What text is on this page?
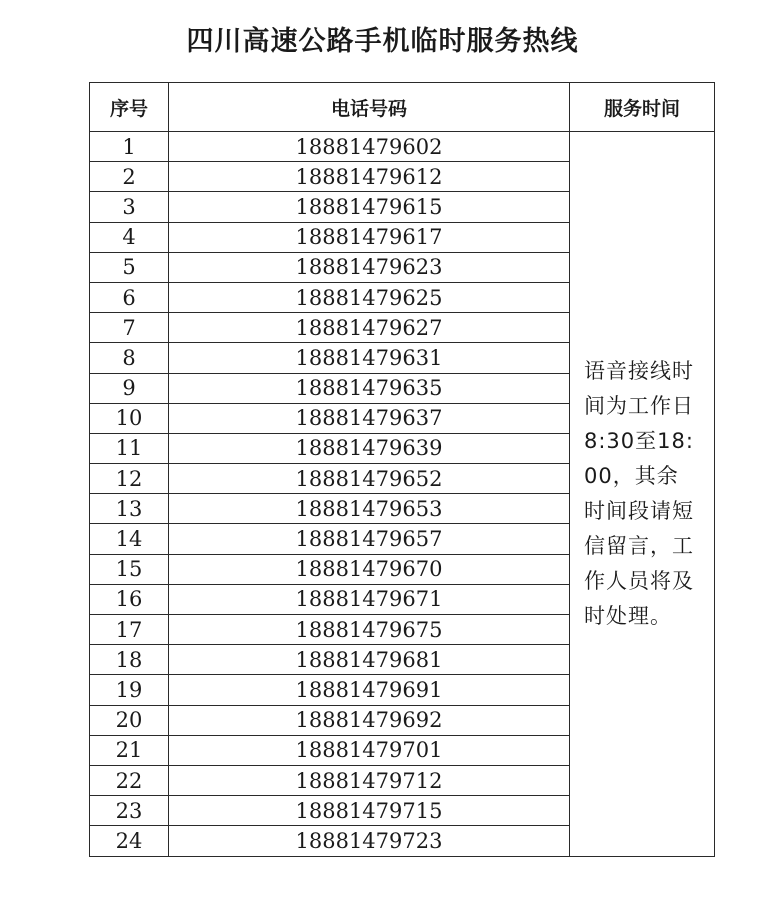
四川高速公路手机临时服务热线
序号	电话号码	服务时间
1	18881479602	语音接线时间为工作日8:30至18:00，其余时间段请短信留言，工作人员将及时处理。

2	18881479612	
3	18881479615	
4	18881479617	
5	18881479623	
6	18881479625	
7	18881479627	
8	18881479631	
9	18881479635	
10	18881479637	
11	18881479639	
12	18881479652	
13	18881479653	
14	18881479657	
15	18881479670	
16	18881479671	
17	18881479675	
18	18881479681	
19	18881479691	
20	18881479692	
21	18881479701	
22	18881479712	
23	18881479715	
24	18881479723	
